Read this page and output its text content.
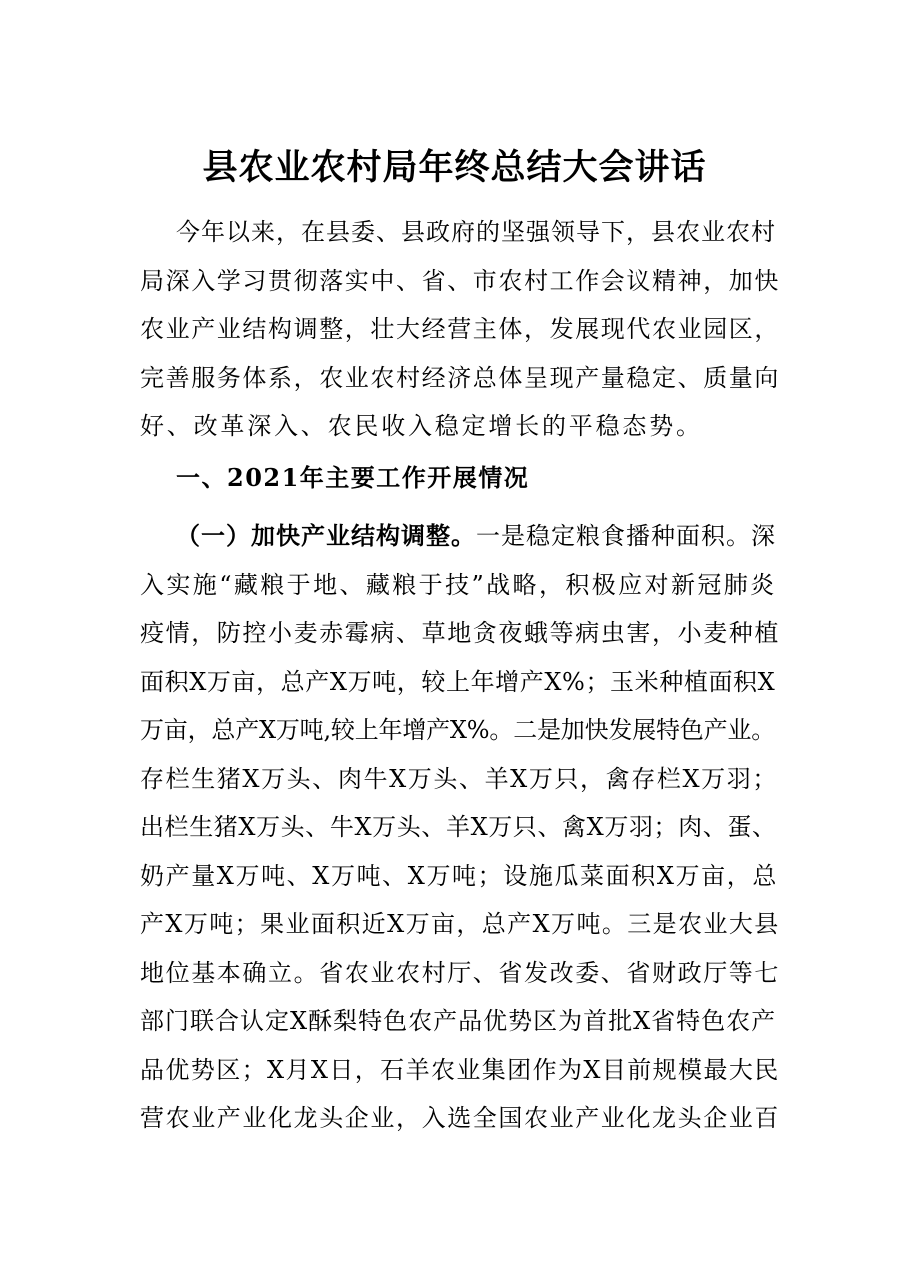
县农业农村局年终总结大会讲话
今年以来，在县委、县政府的坚强领导下，县农业农村
局深入学习贯彻落实中、省、市农村工作会议精神，加快
农业产业结构调整，壮大经营主体，发展现代农业园区，
完善服务体系，农业农村经济总体呈现产量稳定、质量向
好、改革深入、农民收入稳定增长的平稳态势。
一、2021年主要工作开展情况
（一）加快产业结构调整。一是稳定粮食播种面积。深
入实施“藏粮于地、藏粮于技”战略，积极应对新冠肺炎
疫情，防控小麦赤霉病、草地贪夜蛾等病虫害，小麦种植
面积X万亩，总产X万吨，较上年增产X%；玉米种植面积X
万亩，总产X万吨,较上年增产X%。二是加快发展特色产业。
存栏生猪X万头、肉牛X万头、羊X万只，禽存栏X万羽；
出栏生猪X万头、牛X万头、羊X万只、禽X万羽；肉、蛋、
奶产量X万吨、X万吨、X万吨；设施瓜菜面积X万亩，总
产X万吨；果业面积近X万亩，总产X万吨。三是农业大县
地位基本确立。省农业农村厅、省发改委、省财政厅等七
部门联合认定X酥梨特色农产品优势区为首批X省特色农产
品优势区；X月X日，石羊农业集团作为X目前规模最大民
营农业产业化龙头企业，入选全国农业产业化龙头企业百
